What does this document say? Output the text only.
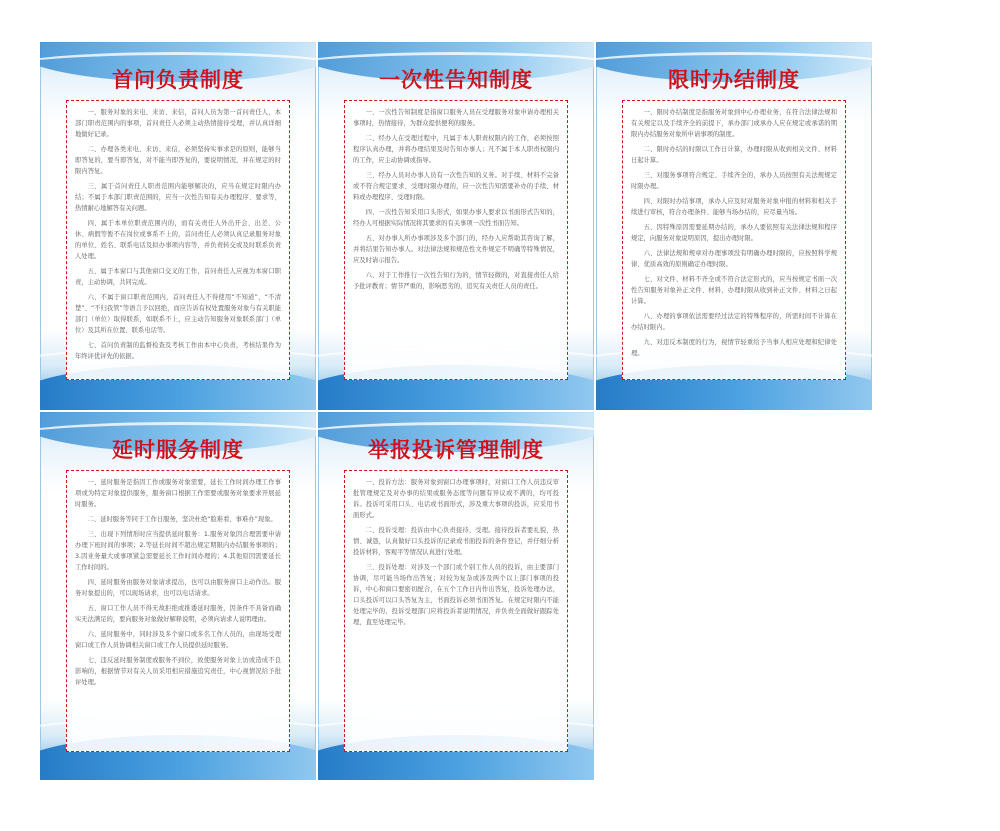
首问负责制度

一、服务对象的来电、来访、来信，首问人员为第一首问责任人，本部门职责范围内的事项，首问责任人必须主动热情接待受理，并认真详细地做好记录。

二、办理各类来电、来访、来信，必须坚持实事求是的原则，能够当即答复的，要当即答复，对不能当即答复的，要说明情况，并在规定的时限内答复。

三、属于首问责任人职责范围内能够解决的，应当在规定时限内办结；不属于本部门职责范围的，应当一次性告知有关办理程序、要求等，热情耐心地解答有关问题。

四、属于本单位职责范围内的，而有关责任人外出开会、出差、公休、病假等暂不在岗位或事系不上的，首问责任人必须认真记录服务对象的单位、姓名、联系电话及拟办事项内容等，并负责转交或及时联系负责人处理。

五、属于本窗口与其他窗口交叉的工作，首问责任人应视为本窗口职责，主动协调，共同完成。

六、不属于窗口职责范围内，首问责任人不得使用“不知道”、“不清楚”、“不归我管”等语言予以回绝，而应告诉有权处置服务对象与有关职能部门（单位）取得联系，如联系不上，应主动告知服务对象联系部门（单位）及其所在位置、联系电话等。

七、首问负责制的监督检查及考核工作由本中心负责，考核结果作为年终评优评先的依据。

一次性告知制度

一、一次性告知制度是指窗口服务人员在受理服务对象申请办理相关事项时，热情接待，为群众提供便利的服务。

二、经办人在受理过程中，凡属于本人职责权限内的工作，必须按照程序认真办理，并将办理结果及时告知办事人；凡不属于本人职责权限内的工作，应主动协调或指导。

三、经办人员对办事人员有一次性告知的义务。对手续、材料不完备或不符合规定要求、受理时限办理的，应一次性告知需要补办的手续、材料或办理程序、受理时限。

四、一次性告知采用口头形式，如果办事人要求以书面形式告知的，经办人可根据实际情况将其要求的有关事项一次性书面告知。

五、对办事人所办事项涉及多个部门的，经办人应帮助其咨询了解，并将结果告知办事人。对法律法规和规范性文件规定不明确等特殊情况，应及时请示报告。

六、对于工作推行一次性告知行为的，情节轻微的，对直接责任人给予批评教育；情节严重的，影响恶劣的，追究有关责任人员的责任。

限时办结制度

一、限时办结制度是指服务对象到中心办理业务，在符合法律法规和有关规定以及手续齐全的前提下，承办部门或承办人应在规定或承诺的期限内办结服务对象所申请事项的制度。

二、限时办结的时限以工作日计算，办理时限从收到相关文件、材料日起计算。

三、对服务事项符合规定、手续齐全的，承办人员按照有关法规规定时限办理。

四、对限时办结事项，承办人应及时对服务对象申报的材料和相关手续进行审核，符合办理条件、能够当场办结的，应尽量当场。

五、因特殊原因需要延期办结的，承办人要依照有关法律法规和程序规定，向服务对象说明原因，提出办理时限。

六、法律法规和规章对办理事项没有明确办理时限的，应按照科学规律、优质高效的原则确定办理时限。

七、对文件、材料不齐全或不符合法定形式的，应当按规定书面一次性告知服务对象补正文件、材料，办理时限从收到补正文件、材料之日起计算。

八、办理的事项依法需要经过法定的特殊程序的，所需时间不计算在办结时限内。

九、对违反本制度的行为，视情节轻重给予当事人相应处理和纪律处理。

延时服务制度

一、延时服务是指因工作或服务对象需要，延长工作时间办理工作事项或为特定对象提供服务，服务窗口根据工作需要或服务对象要求开展延时服务。

二、延时服务等同于工作日服务，坚决杜绝“脸难看、事难办”现象。

三、出现下列情形时应当提供延时服务：1.服务对象因合理需要申请办理下班时间的事项；2.等延长时间不超出规定期限内办结服务事项的；3.因业务量大或事项紧急需要延长工作时间办理的；4.其他原因需要延长工作时间的。

四、延时服务由服务对象请求提出，也可以由服务窗口主动作出。服务对象提出的，可以现场请求，也可以电话请求。

五、窗口工作人员不得无故拒绝或推诿延时服务，因条件不具备而确实无法满足的，要向服务对象做好解释说明，必须向请求人说明理由。

六、延时服务中，同时涉及多个窗口或多名工作人员的，由现场受理窗口或工作人员协调相关窗口或工作人员提供延时服务。

七、违反延时服务制度或服务不到位，致使服务对象上访或造成不良影响的，根据情节对有关人员采用相应措施追究责任，中心视情况给予批评处理。

举报投诉管理制度

一、投诉方法：服务对象到窗口办理事项时，对窗口工作人员违反审批管理规定及对办事的结果或服务态度等问题有异议或不满的，均可投诉。投诉可采用口头、电话或书面形式，涉及重大事项的投诉，应采用书面形式。

二、投诉受理：投诉由中心负责接待、受理。接待投诉者要礼貌、热情、诚恳，认真做好口头投诉的记录或书面投诉的条件登记，并仔细分析投诉材料，客观平等情况认真进行处理。

三、投诉处理：对涉及一个部门或个别工作人员的投诉，由主要部门协调，尽可能当场作出答复；对较为复杂或涉及两个以上部门事项的投诉，中心和窗口要密切配合，在五个工作日内作出答复，投诉处理办法，口头投诉可以口头答复为主，书面投诉必须书面答复。在规定时限内不能处理完毕的，投诉受理部门应将投诉者说明情况，并负责全面做好跟踪处理，直至处理完毕。
